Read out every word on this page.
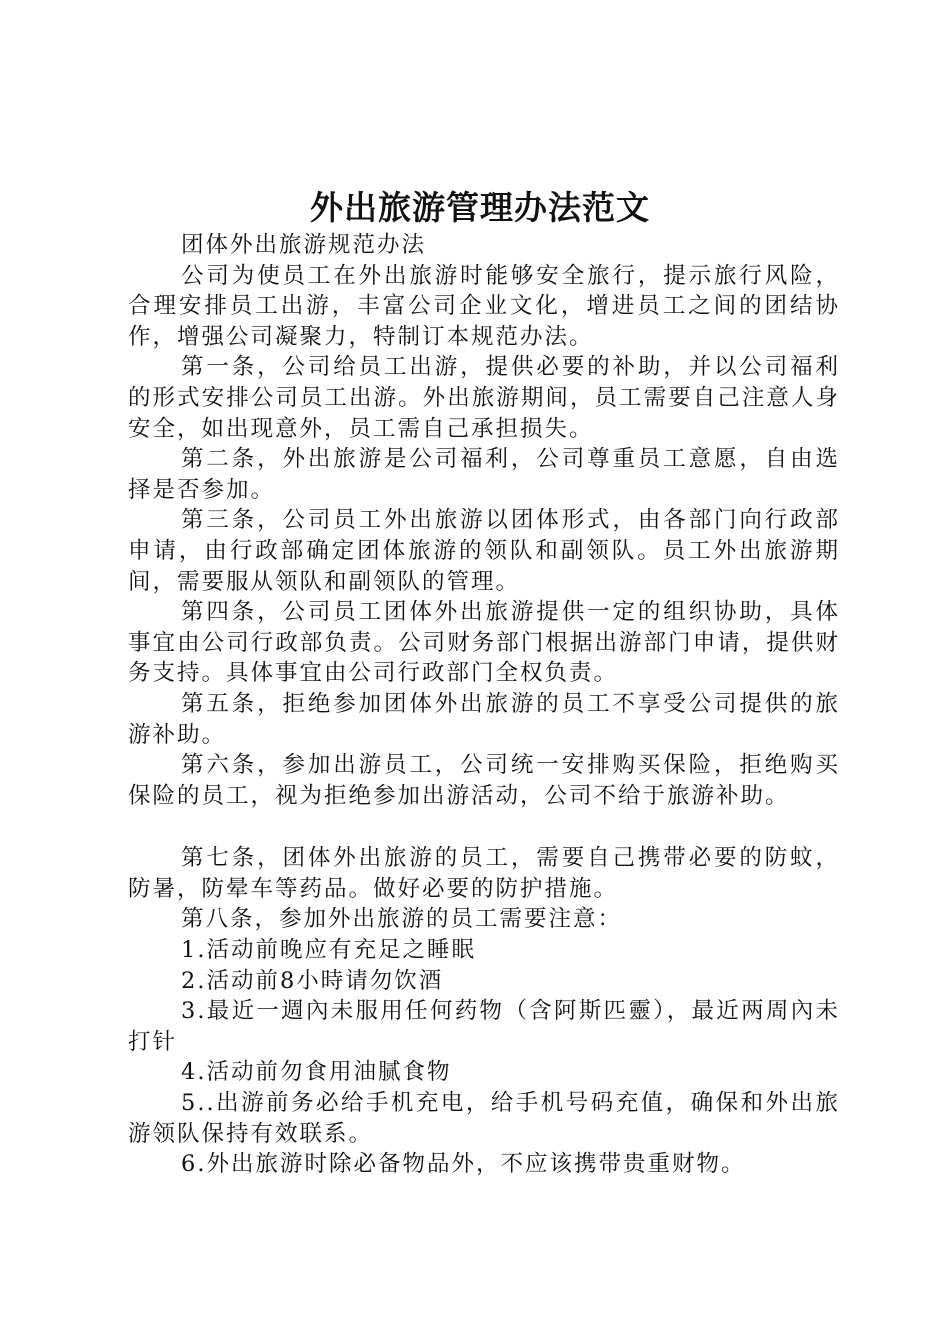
外出旅游管理办法范文

团体外出旅游规范办法

公司为使员工在外出旅游时能够安全旅行，提示旅行风险，合理安排员工出游，丰富公司企业文化，增进员工之间的团结协作，增强公司凝聚力，特制订本规范办法。

第一条，公司给员工出游，提供必要的补助，并以公司福利的形式安排公司员工出游。外出旅游期间，员工需要自己注意人身安全，如出现意外，员工需自己承担损失。

第二条，外出旅游是公司福利，公司尊重员工意愿，自由选择是否参加。

第三条，公司员工外出旅游以团体形式，由各部门向行政部申请，由行政部确定团体旅游的领队和副领队。员工外出旅游期间，需要服从领队和副领队的管理。

第四条，公司员工团体外出旅游提供一定的组织协助，具体事宜由公司行政部负责。公司财务部门根据出游部门申请，提供财务支持。具体事宜由公司行政部门全权负责。

第五条，拒绝参加团体外出旅游的员工不享受公司提供的旅游补助。

第六条，参加出游员工，公司统一安排购买保险，拒绝购买保险的员工，视为拒绝参加出游活动，公司不给于旅游补助。

第七条，团体外出旅游的员工，需要自己携带必要的防蚊，防暑，防晕车等药品。做好必要的防护措施。

第八条，参加外出旅游的员工需要注意：

1.活动前晚应有充足之睡眠

2.活动前8小時请勿饮酒

3.最近一週內未服用任何药物（含阿斯匹靈），最近两周內未打针

4.活动前勿食用油腻食物

5..出游前务必给手机充电，给手机号码充值，确保和外出旅游领队保持有效联系。

6.外出旅游时除必备物品外，不应该携带贵重财物。
